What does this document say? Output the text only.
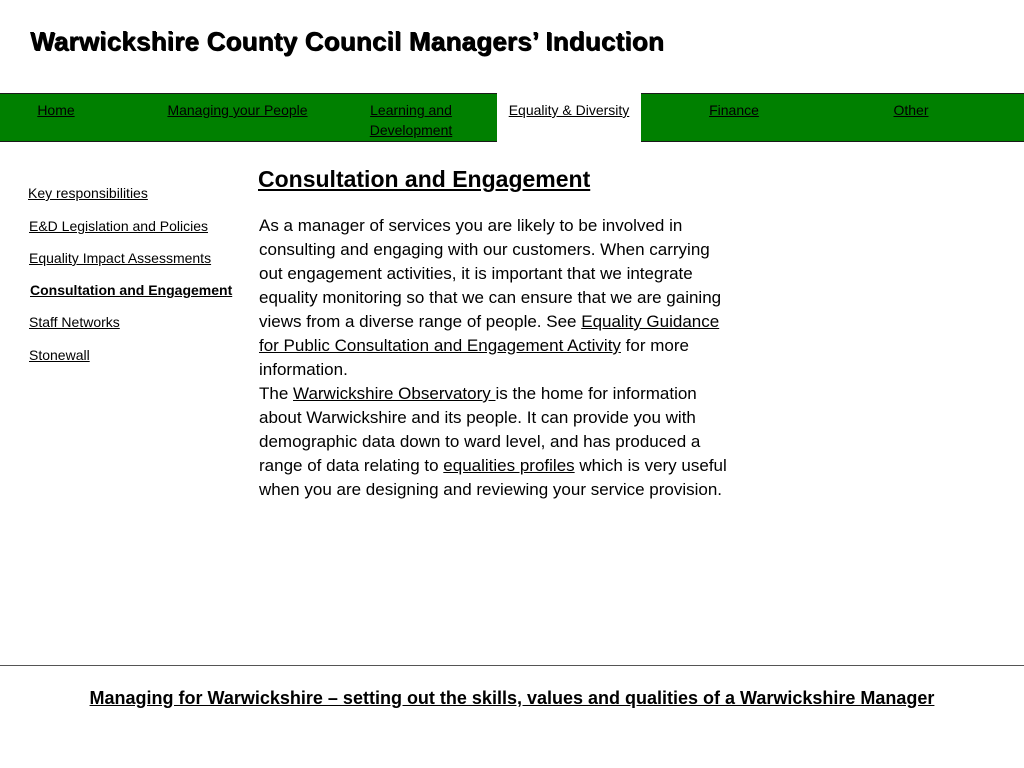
Warwickshire County Council Managers’ Induction
Home	Managing your People	Learning and Development
Equality & Diversity	Finance	Other
Key responsibilities
E&D Legislation and Policies
Equality Impact Assessments
Consultation and Engagement
Staff Networks
Stonewall
Consultation and Engagement

As a manager of services you are likely to be involved in consulting and engaging with our customers. When carrying out engagement activities, it is important that we integrate equality monitoring so that we can ensure that we are gaining views from a diverse range of people. See Equality Guidance for Public Consultation and Engagement Activity for more information.

The Warwickshire Observatory is the home for information about Warwickshire and its people. It can provide you with demographic data down to ward level, and has produced a range of data relating to equalities profiles which is very useful when you are designing and reviewing your service provision.

Managing for Warwickshire – setting out the skills, values and qualities of a Warwickshire Manager
